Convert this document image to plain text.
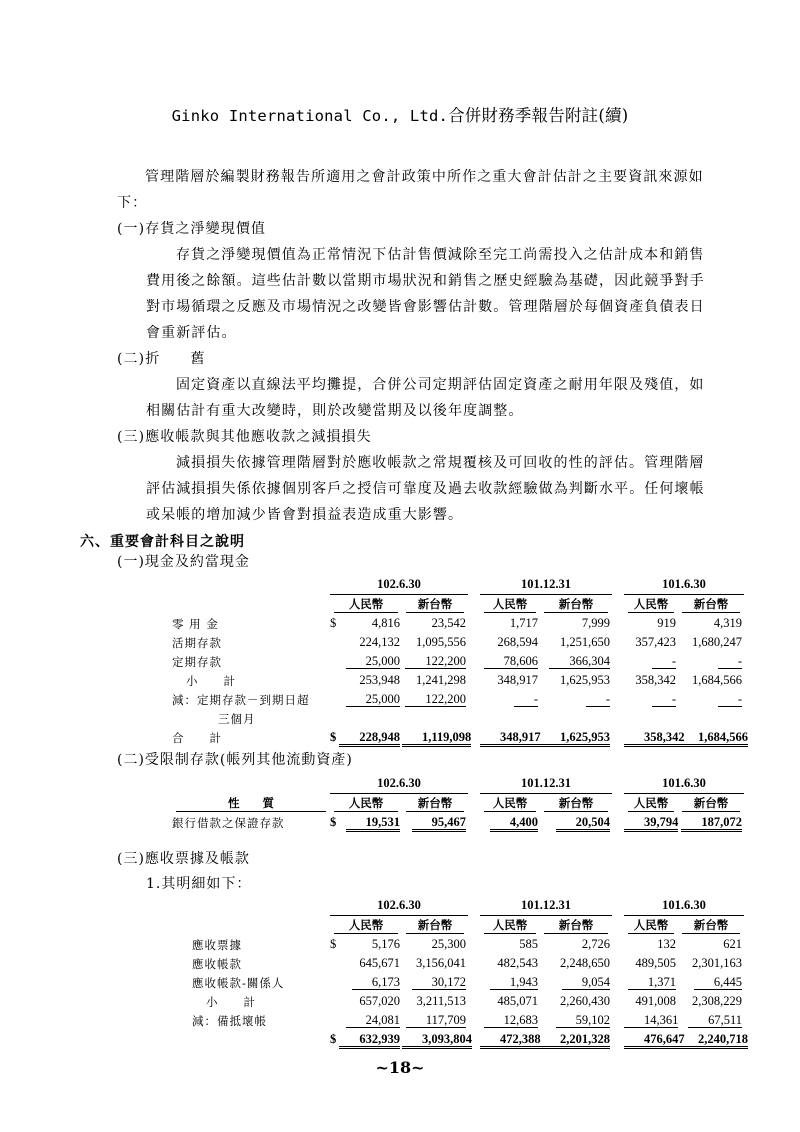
Ginko International Co., Ltd.合併財務季報告附註(續)
管理階層於編製財務報告所適用之會計政策中所作之重大會計估計之主要資訊來源如
下：
(一)存貨之淨變現價值
存貨之淨變現價值為正常情況下估計售價減除至完工尚需投入之估計成本和銷售
費用後之餘額。這些估計數以當期市場狀況和銷售之歷史經驗為基礎，因此競爭對手
對市場循環之反應及市場情況之改變皆會影響估計數。管理階層於每個資產負債表日
會重新評估。
(二)折　　舊
固定資產以直線法平均攤提，合併公司定期評估固定資產之耐用年限及殘值，如
相關估計有重大改變時，則於改變當期及以後年度調整。
(三)應收帳款與其他應收款之減損損失
減損損失依據管理階層對於應收帳款之常規覆核及可回收的性的評估。管理階層
評估減損損失係依據個別客戶之授信可靠度及過去收款經驗做為判斷水平。任何壞帳
或呆帳的增加減少皆會對損益表造成重大影響。
六、重要會計科目之說明
(一)現金及約當現金
	102.6.30			101.12.31			101.6.30	

	人民幣	新台幣		人民幣	新台幣		人民幣	新台幣

零 用 金	$ 4,816	23,542		1,717	7,999		919	4,319
活期存款	224,132	1,095,556		268,594	1,251,650		357,423	1,680,247
定期存款	25,000	122,200		78,606	366,304		-	-
小　　計	253,948	1,241,298		348,917	1,625,953		358,342	1,684,566
減：定期存款－到期日超	25,000	122,200		-	-		-	-
三個月								
合　　計	$ 228,948	1,119,098		348,917	1,625,953		358,342	1,684,566
(二)受限制存款(帳列其他流動資產)
	102.6.30			101.12.31			101.6.30	

性　　質	人民幣	新台幣		人民幣	新台幣		人民幣	新台幣

銀行借款之保證存款	$ 19,531	95,467		4,400	20,504		39,794	187,072
(三)應收票據及帳款
1.其明細如下：
	102.6.30			101.12.31			101.6.30	

	人民幣	新台幣		人民幣	新台幣		人民幣	新台幣

應收票據	$ 5,176	25,300		585	2,726		132	621
應收帳款	645,671	3,156,041		482,543	2,248,650		489,505	2,301,163
應收帳款-關係人	6,173	30,172		1,943	9,054		1,371	6,445
小　　計	657,020	3,211,513		485,071	2,260,430		491,008	2,308,229
減：備抵壞帳	24,081	117,709		12,683	59,102		14,361	67,511

	$ 632,939	3,093,804		472,388	2,201,328		476,647	2,240,718
~18~
